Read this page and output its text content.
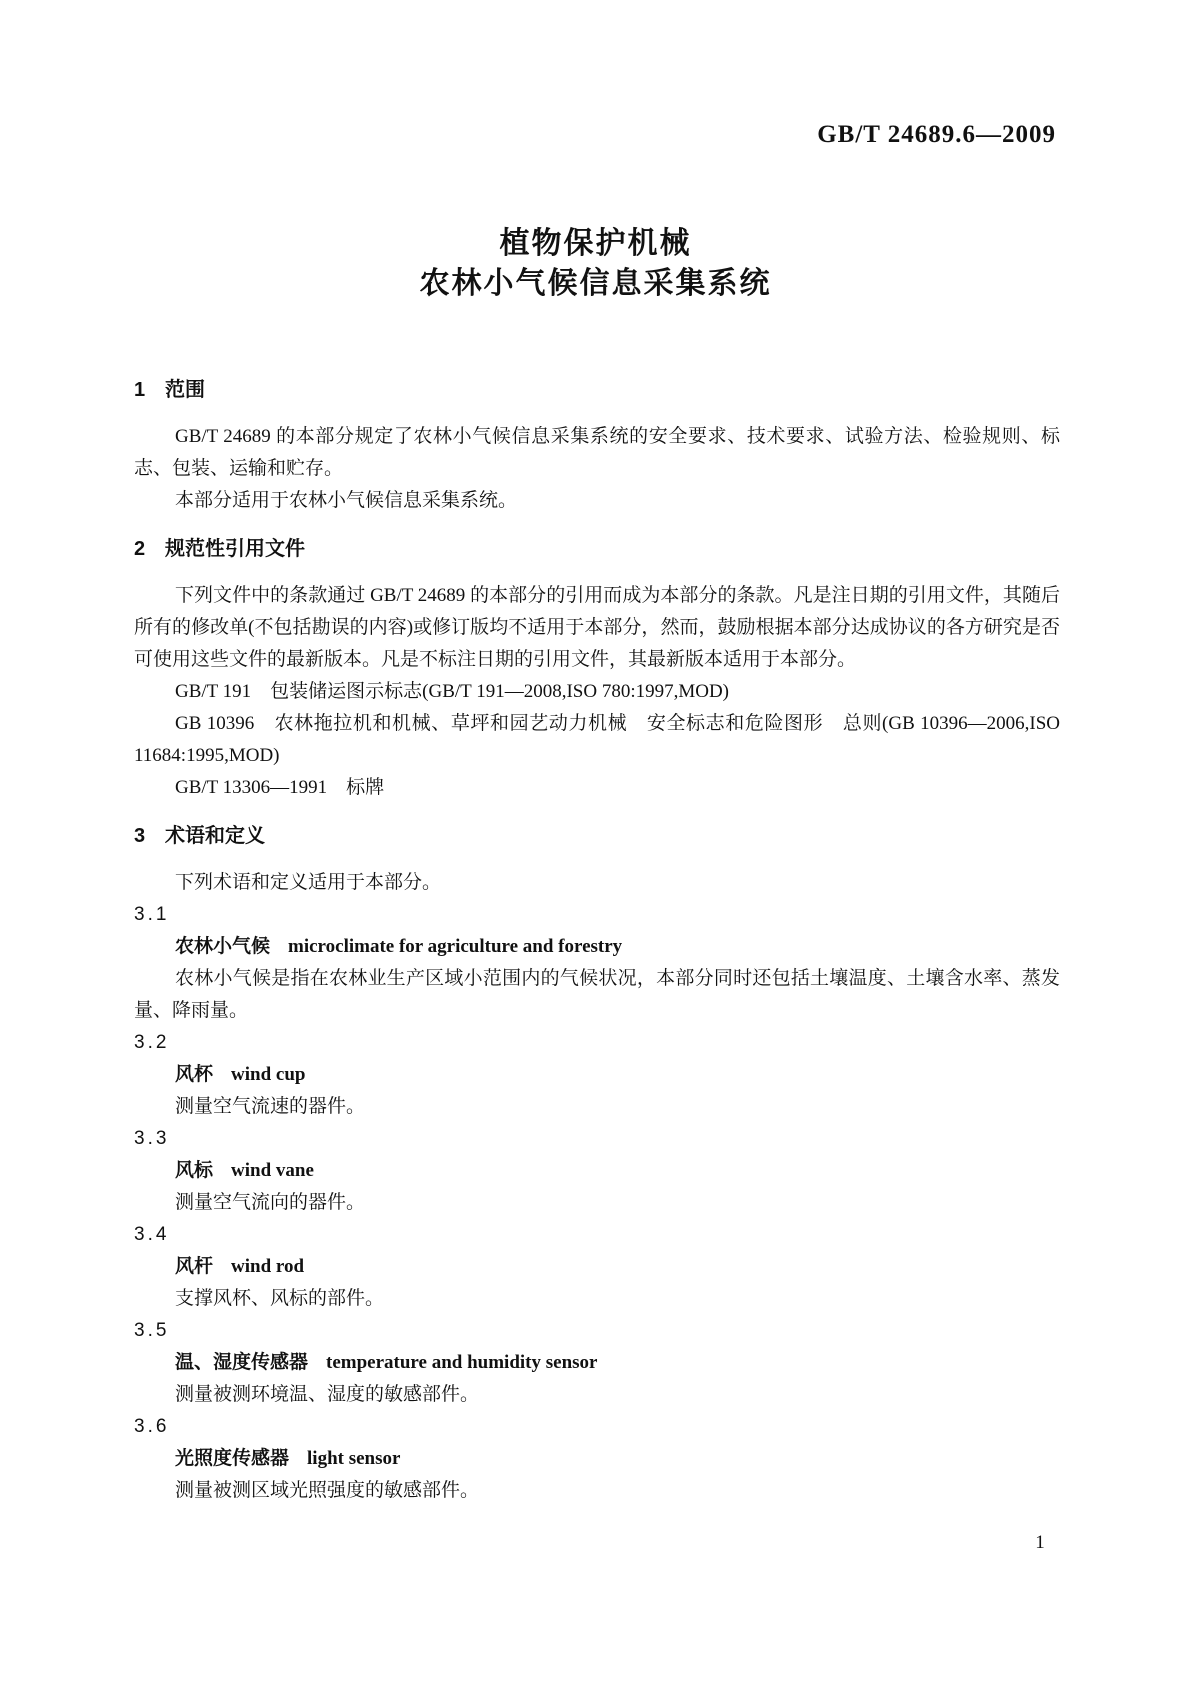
GB/T 24689.6—2009
植物保护机械
农林小气候信息采集系统
1 范围

GB/T 24689 的本部分规定了农林小气候信息采集系统的安全要求、技术要求、试验方法、检验规则、标志、包装、运输和贮存。

本部分适用于农林小气候信息采集系统。

2 规范性引用文件

下列文件中的条款通过 GB/T 24689 的本部分的引用而成为本部分的条款。凡是注日期的引用文件，其随后所有的修改单(不包括勘误的内容)或修订版均不适用于本部分，然而，鼓励根据本部分达成协议的各方研究是否可使用这些文件的最新版本。凡是不标注日期的引用文件，其最新版本适用于本部分。

GB/T 191　包装储运图示标志(GB/T 191—2008,ISO 780:1997,MOD)

GB 10396　农林拖拉机和机械、草坪和园艺动力机械　安全标志和危险图形　总则(GB 10396—2006,ISO 11684:1995,MOD)

GB/T 13306—1991　标牌

3 术语和定义

下列术语和定义适用于本部分。

3.1

农林小气候 microclimate for agriculture and forestry

农林小气候是指在农林业生产区域小范围内的气候状况，本部分同时还包括土壤温度、土壤含水率、蒸发量、降雨量。

3.2

风杯 wind cup

测量空气流速的器件。

3.3

风标 wind vane

测量空气流向的器件。

3.4

风杆 wind rod

支撑风杯、风标的部件。

3.5

温、湿度传感器 temperature and humidity sensor

测量被测环境温、湿度的敏感部件。

3.6

光照度传感器 light sensor

测量被测区域光照强度的敏感部件。

1
